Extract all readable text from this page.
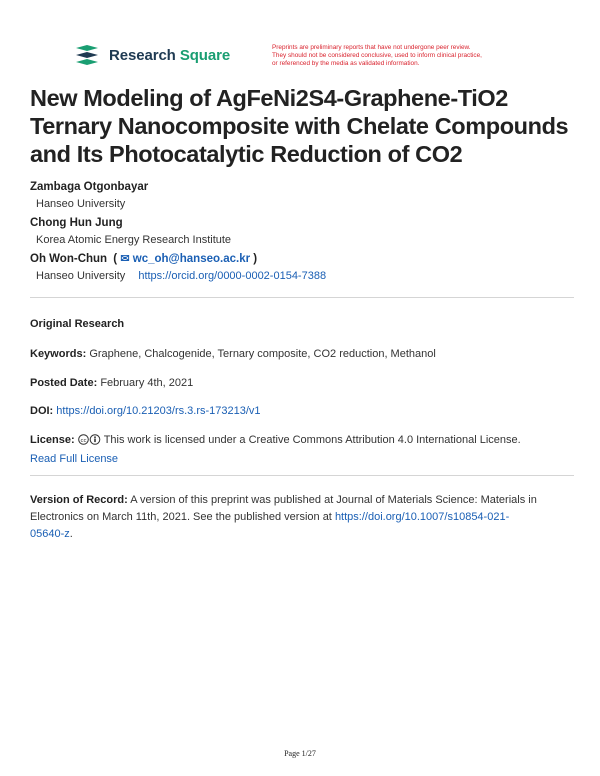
Research Square	Preprints are preliminary reports that have not undergone peer review.
They should not be considered conclusive, used to inform clinical practice,
or referenced by the media as validated information.
New Modeling of AgFeNi2S4-Graphene-TiO2
Ternary Nanocomposite with Chelate Compounds
and Its Photocatalytic Reduction of CO2
Zambaga Otgonbayar
Hanseo University
Chong Hun Jung
Korea Atomic Energy Research Institute
Oh Won-Chun ( ✉ wc_oh@hanseo.ac.kr )
Hanseo University https://orcid.org/0000-0002-0154-7388
Original Research
Keywords: Graphene, Chalcogenide, Ternary composite, CO2 reduction, Methanol
Posted Date: February 4th, 2021
DOI: https://doi.org/10.21203/rs.3.rs-173213/v1
License: cc This work is licensed under a Creative Commons Attribution 4.0 International License.
Read Full License
Version of Record: A version of this preprint was published at Journal of Materials Science: Materials in
Electronics on March 11th, 2021. See the published version at https://doi.org/10.1007/s10854-021-
05640-z.
Page 1/27
